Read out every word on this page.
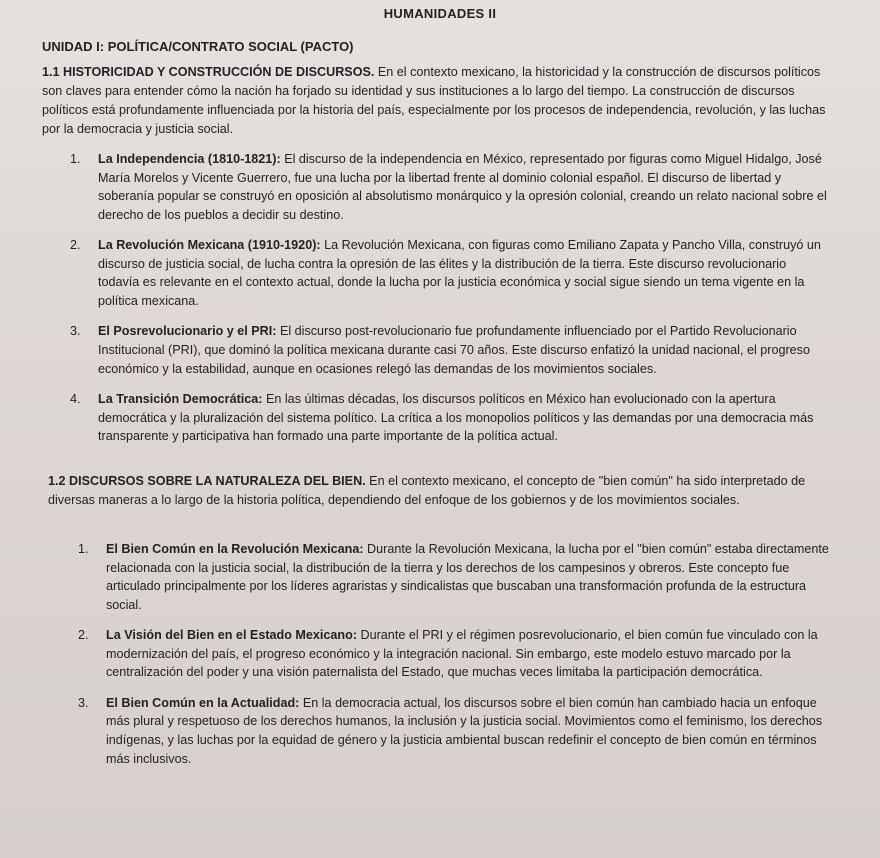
HUMANIDADES II
UNIDAD I: POLÍTICA/CONTRATO SOCIAL (PACTO)

1.1 HISTORICIDAD Y CONSTRUCCIÓN DE DISCURSOS. En el contexto mexicano, la historicidad y la construcción de discursos políticos son claves para entender cómo la nación ha forjado su identidad y sus instituciones a lo largo del tiempo. La construcción de discursos políticos está profundamente influenciada por la historia del país, especialmente por los procesos de independencia, revolución, y las luchas por la democracia y justicia social.

1. La Independencia (1810-1821): El discurso de la independencia en México, representado por figuras como Miguel Hidalgo, José María Morelos y Vicente Guerrero, fue una lucha por la libertad frente al dominio colonial español. El discurso de libertad y soberanía popular se construyó en oposición al absolutismo monárquico y la opresión colonial, creando un relato nacional sobre el derecho de los pueblos a decidir su destino.
2. La Revolución Mexicana (1910-1920): La Revolución Mexicana, con figuras como Emiliano Zapata y Pancho Villa, construyó un discurso de justicia social, de lucha contra la opresión de las élites y la distribución de la tierra. Este discurso revolucionario todavía es relevante en el contexto actual, donde la lucha por la justicia económica y social sigue siendo un tema vigente en la política mexicana.
3. El Posrevolucionario y el PRI: El discurso post-revolucionario fue profundamente influenciado por el Partido Revolucionario Institucional (PRI), que dominó la política mexicana durante casi 70 años. Este discurso enfatizó la unidad nacional, el progreso económico y la estabilidad, aunque en ocasiones relegó las demandas de los movimientos sociales.
4. La Transición Democrática: En las últimas décadas, los discursos políticos en México han evolucionado con la apertura democrática y la pluralización del sistema político. La crítica a los monopolios políticos y las demandas por una democracia más transparente y participativa han formado una parte importante de la política actual.

1.2 DISCURSOS SOBRE LA NATURALEZA DEL BIEN. En el contexto mexicano, el concepto de "bien común" ha sido interpretado de diversas maneras a lo largo de la historia política, dependiendo del enfoque de los gobiernos y de los movimientos sociales.

1. El Bien Común en la Revolución Mexicana: Durante la Revolución Mexicana, la lucha por el "bien común" estaba directamente relacionada con la justicia social, la distribución de la tierra y los derechos de los campesinos y obreros. Este concepto fue articulado principalmente por los líderes agraristas y sindicalistas que buscaban una transformación profunda de la estructura social.
2. La Visión del Bien en el Estado Mexicano: Durante el PRI y el régimen posrevolucionario, el bien común fue vinculado con la modernización del país, el progreso económico y la integración nacional. Sin embargo, este modelo estuvo marcado por la centralización del poder y una visión paternalista del Estado, que muchas veces limitaba la participación democrática.
3. El Bien Común en la Actualidad: En la democracia actual, los discursos sobre el bien común han cambiado hacia un enfoque más plural y respetuoso de los derechos humanos, la inclusión y la justicia social. Movimientos como el feminismo, los derechos indígenas, y las luchas por la equidad de género y la justicia ambiental buscan redefinir el concepto de bien común en términos más inclusivos.
